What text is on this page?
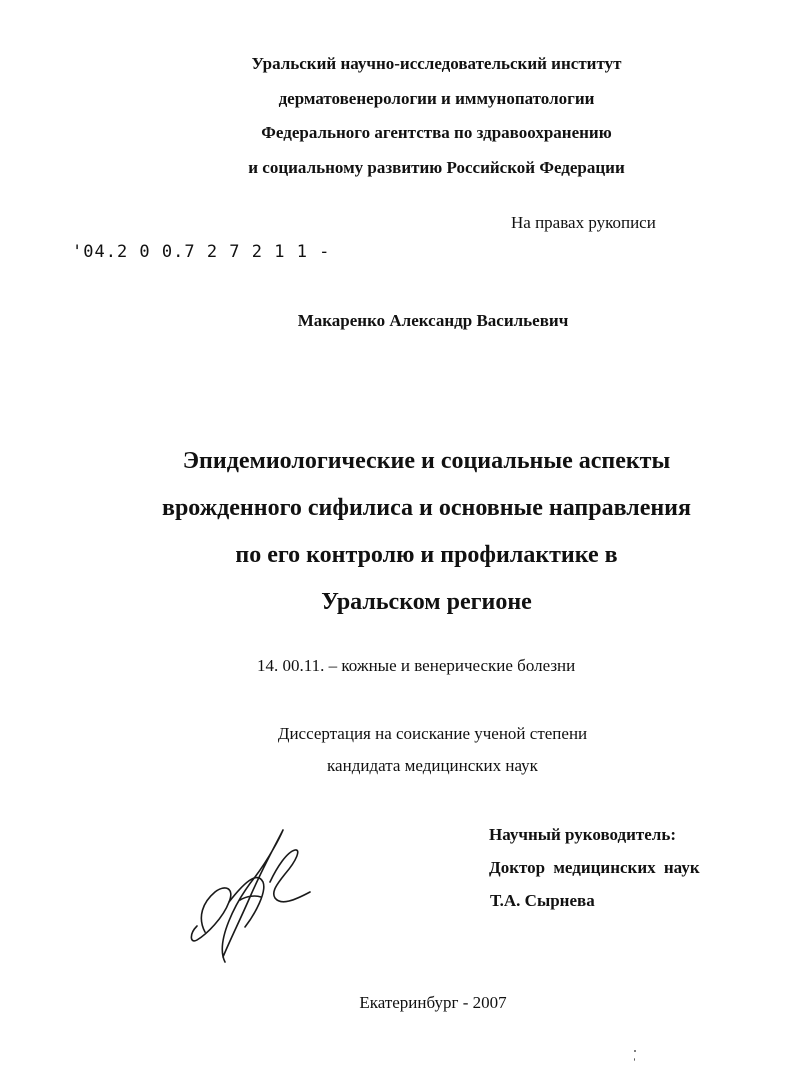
Уральский научно-исследовательский институт
дерматовенерологии и иммунопатологии
Федерального агентства по здравоохранению
и социальному развитию Российской Федерации
На правах рукописи
'04.2 0 0.7 2 7 2 1 1 -
Макаренко Александр Васильевич
Эпидемиологические и социальные аспекты
врожденного сифилиса и основные направления
по его контролю и профилактике в
Уральском регионе
14. 00.11. – кожные и венерические болезни
Диссертация на соискание ученой степени
кандидата медицинских наук
Научный руководитель:
Доктор медицинских наук
Т.А. Сырнева
Екатеринбург - 2007
